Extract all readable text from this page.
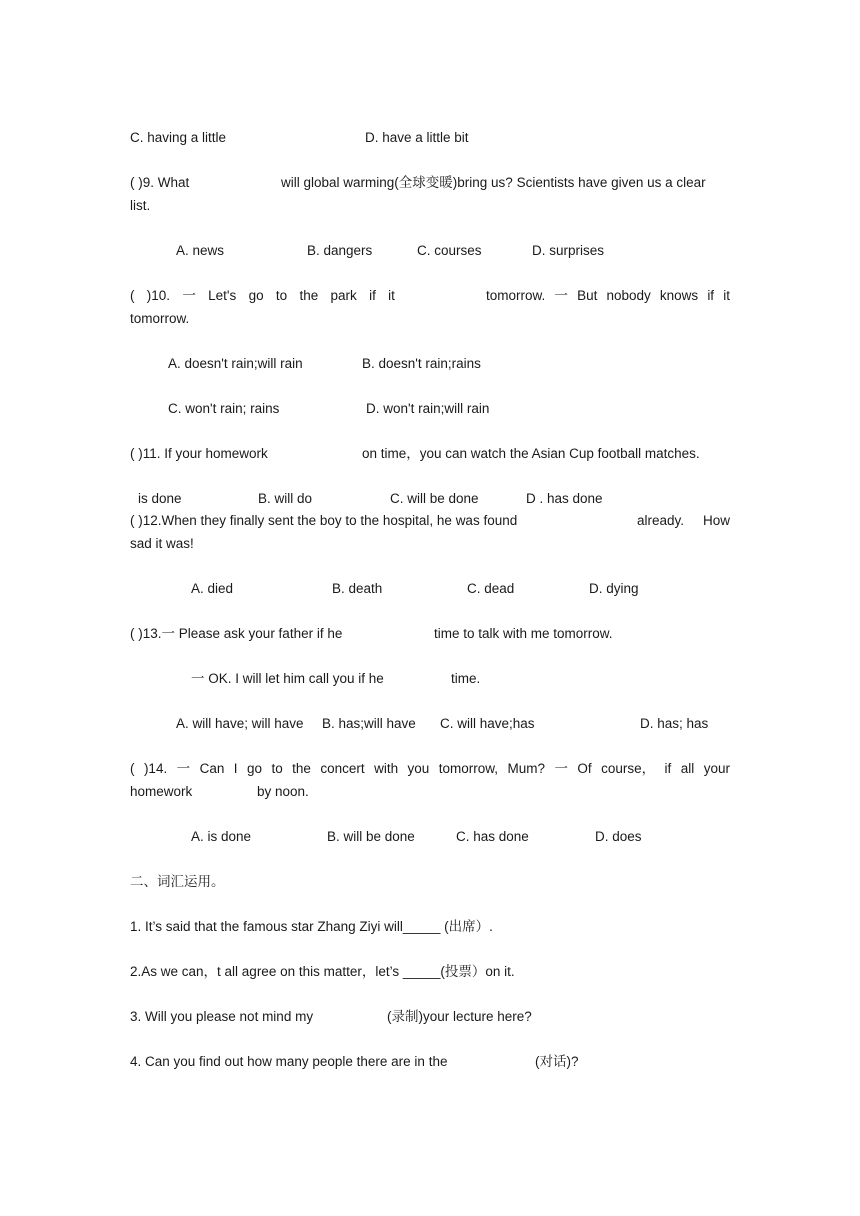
C. having a little	D. have a little bit
( )9. What	will global warming(全球变暖)bring us? Scientists have given us a clear
list.
A. news	B. dangers	C. courses	D. surprises
( )10. 一 Let's go to the park if it	tomorrow. 一 But nobody knows if it
tomorrow.
A. doesn't rain;will rain	B. doesn't rain;rains
C. won't rain; rains	D. won't rain;will rain
( )11. If your homework	on time，you can watch the Asian Cup football matches.
is done	B. will do	C. will be done	D . has done
( )12.When they finally sent the boy to the hospital, he was found	already. How
sad it was!
A. died	B. death	C. dead	D. dying
( )13.一 Please ask your father if he	time to talk with me tomorrow.
一 OK. I will let him call you if he	time.
A. will have; will have B. has;will have C. will have;has	D. has; has
( )14. 一 Can I go to the concert with you tomorrow, Mum? 一 Of course， if all your
homework	by noon.
A. is done	B. will be done	C. has done	D. does
二、词汇运用。
1. It’s said that the famous star Zhang Ziyi will_____ (出席）.
2.As we can，t all agree on this matter，let’s _____(投票）on it.
3. Will you please not mind my	(录制)your lecture here?
4. Can you find out how many people there are in the	(对话)?
